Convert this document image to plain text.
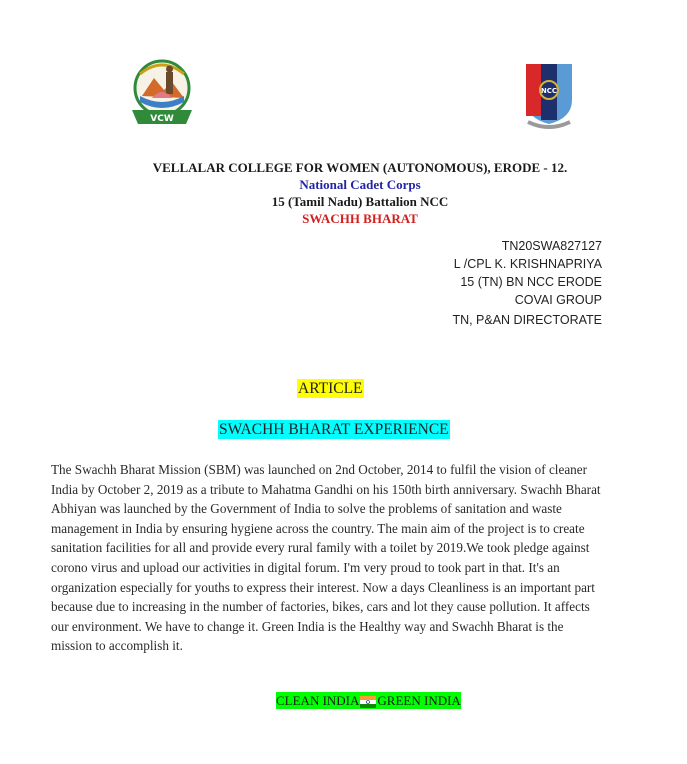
VCW
NCC
VELLALAR COLLEGE FOR WOMEN (AUTONOMOUS), ERODE - 12.
National Cadet Corps
15 (Tamil Nadu) Battalion NCC
SWACHH BHARAT
TN20SWA827127
L /CPL K. KRISHNAPRIYA
15 (TN) BN NCC ERODE
COVAI GROUP
TN, P&AN DIRECTORATE
ARTICLE
SWACHH BHARAT EXPERIENCE

The Swachh Bharat Mission (SBM) was launched on 2nd October, 2014 to fulfil the vision of cleaner India by October 2, 2019 as a tribute to Mahatma Gandhi on his 150th birth anniversary. Swachh Bharat Abhiyan was launched by the Government of India to solve the problems of sanitation and waste management in India by ensuring hygiene across the country. The main aim of the project is to create sanitation facilities for all and provide every rural family with a toilet by 2019.We took pledge against corono virus and upload our activities in digital forum. I'm very proud to took part in that. It's an organization especially for youths to express their interest. Now a days Cleanliness is an important part because due to increasing in the number of factories, bikes, cars and lot they cause pollution. It affects our environment. We have to change it. Green India is the Healthy way and Swachh Bharat is the mission to accomplish it.

CLEAN INDIA GREEN INDIA
